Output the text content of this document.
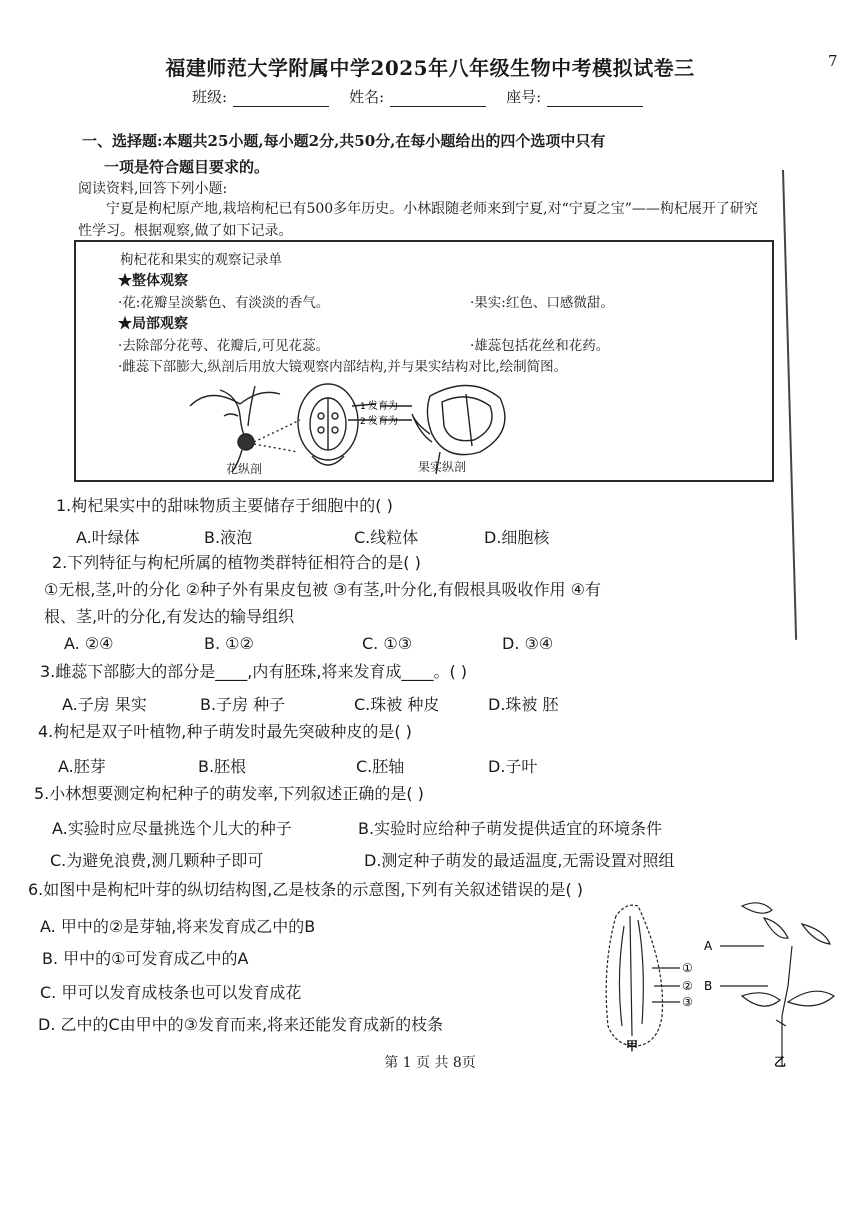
福建师范大学附属中学2025年八年级生物中考模拟试卷三	7
班级:	姓名:	座号:
一、选择题:本题共25小题,每小题2分,共50分,在每小题给出的四个选项中只有
一项是符合题目要求的。
阅读资料,回答下列小题:
宁夏是枸杞原产地,栽培枸杞已有500多年历史。小林跟随老师来到宁夏,对“宁夏之宝”——枸杞展开了研究性学习。根据观察,做了如下记录。
枸杞花和果实的观察记录单
★整体观察
·花:花瓣呈淡紫色、有淡淡的香气。	·果实:红色、口感微甜。
★局部观察
·去除部分花萼、花瓣后,可见花蕊。	·雄蕊包括花丝和花药。
·雌蕊下部膨大,纵剖后用放大镜观察内部结构,并与果实结构对比,绘制简图。
发育为
发育为
1
2
花纵剖	果实纵剖
1.枸杞果实中的甜味物质主要储存于细胞中的( )
A.叶绿体	B.液泡	C.线粒体	D.细胞核
2.下列特征与枸杞所属的植物类群特征相符合的是( )
①无根,茎,叶的分化 ②种子外有果皮包被 ③有茎,叶分化,有假根具吸收作用 ④有
根、茎,叶的分化,有发达的输导组织
A. ②④	B. ①②	C. ①③	D. ③④
3.雌蕊下部膨大的部分是____,内有胚珠,将来发育成____。( )
A.子房 果实	B.子房 种子	C.珠被 种皮	D.珠被 胚
4.枸杞是双子叶植物,种子萌发时最先突破种皮的是( )
A.胚芽	B.胚根	C.胚轴	D.子叶
5.小林想要测定枸杞种子的萌发率,下列叙述正确的是( )
A.实验时应尽量挑选个儿大的种子	B.实验时应给种子萌发提供适宜的环境条件
C.为避免浪费,测几颗种子即可	D.测定种子萌发的最适温度,无需设置对照组
6.如图中是枸杞叶芽的纵切结构图,乙是枝条的示意图,下列有关叙述错误的是( )
A. 甲中的②是芽轴,将来发育成乙中的B
B. 甲中的①可发育成乙中的A
C. 甲可以发育成枝条也可以发育成花
D. 乙中的C由甲中的③发育而来,将来还能发育成新的枝条
①
②
③
A
B
甲
乙
第 1 页 共 8页
